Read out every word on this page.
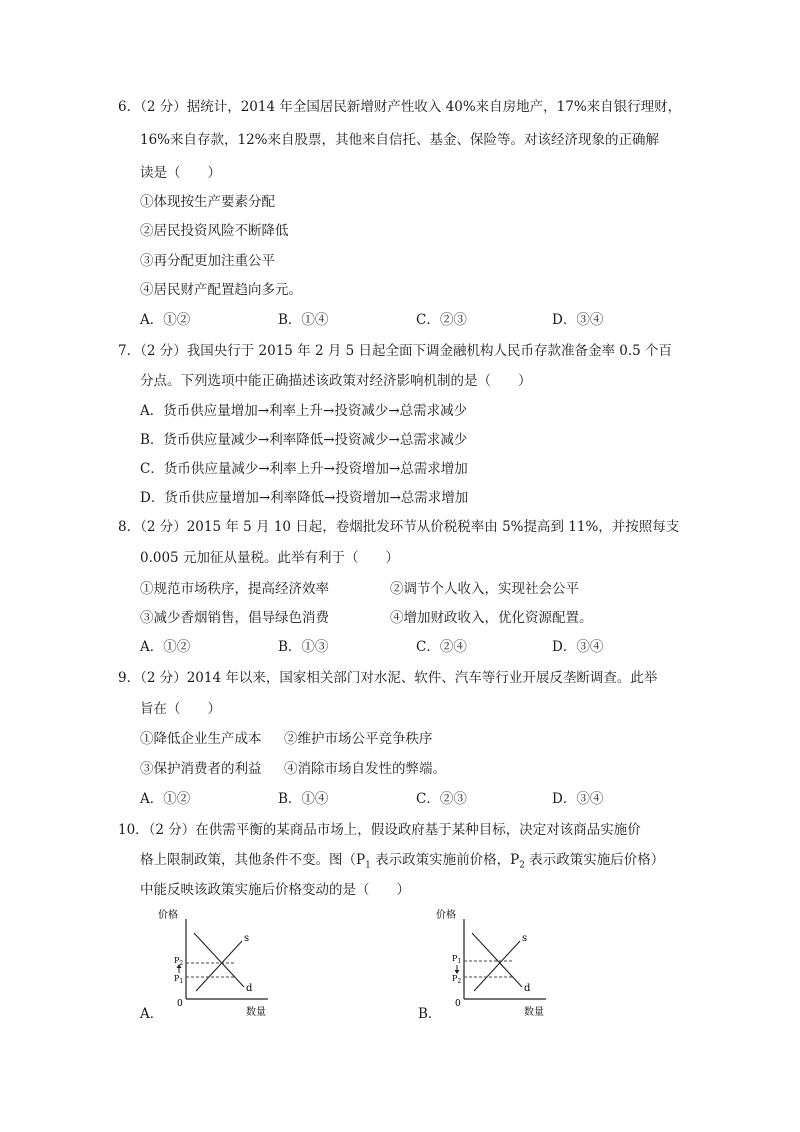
6．（2 分）据统计，2014 年全国居民新增财产性收入 40%来自房地产，17%来自银行理财，
16%来自存款，12%来自股票，其他来自信托、基金、保险等。对该经济现象的正确解
读是（　　）
①体现按生产要素分配
②居民投资风险不断降低
③再分配更加注重公平
④居民财产配置趋向多元。
A．①②	B．①④	C．②③	D．③④
7．（2 分）我国央行于 2015 年 2 月 5 日起全面下调金融机构人民币存款准备金率 0.5 个百
分点。下列选项中能正确描述该政策对经济影响机制的是（　　）
A．货币供应量增加→利率上升→投资减少→总需求减少
B．货币供应量减少→利率降低→投资减少→总需求减少
C．货币供应量减少→利率上升→投资增加→总需求增加
D．货币供应量增加→利率降低→投资增加→总需求增加
8．（2 分）2015 年 5 月 10 日起，卷烟批发环节从价税税率由 5%提高到 11%，并按照每支
0.005 元加征从量税。此举有利于（　　）
①规范市场秩序，提高经济效率	②调节个人收入，实现社会公平
③减少香烟销售，倡导绿色消费	④增加财政收入，优化资源配置。
A．①②	B．①③	C．②④	D．③④
9．（2 分）2014 年以来，国家相关部门对水泥、软件、汽车等行业开展反垄断调查。此举
旨在（　　）
①降低企业生产成本 ②维护市场公平竞争秩序
③保护消费者的利益 ④消除市场自发性的弊端。
A．①②	B．①④	C．②③	D．③④
10．（2 分）在供需平衡的某商品市场上，假设政府基于某种目标，决定对该商品实施价
格上限制政策，其他条件不变。图（$P_1$ 表示政策实施前价格，$P_2$ 表示政策实施后价格）
中能反映该政策实施后价格变动的是（　　）
价格
数量
0
s
d
$P_2$
$P_1$
A．
价格
数量
0
s
d
$P_1$
$P_2$
B．
